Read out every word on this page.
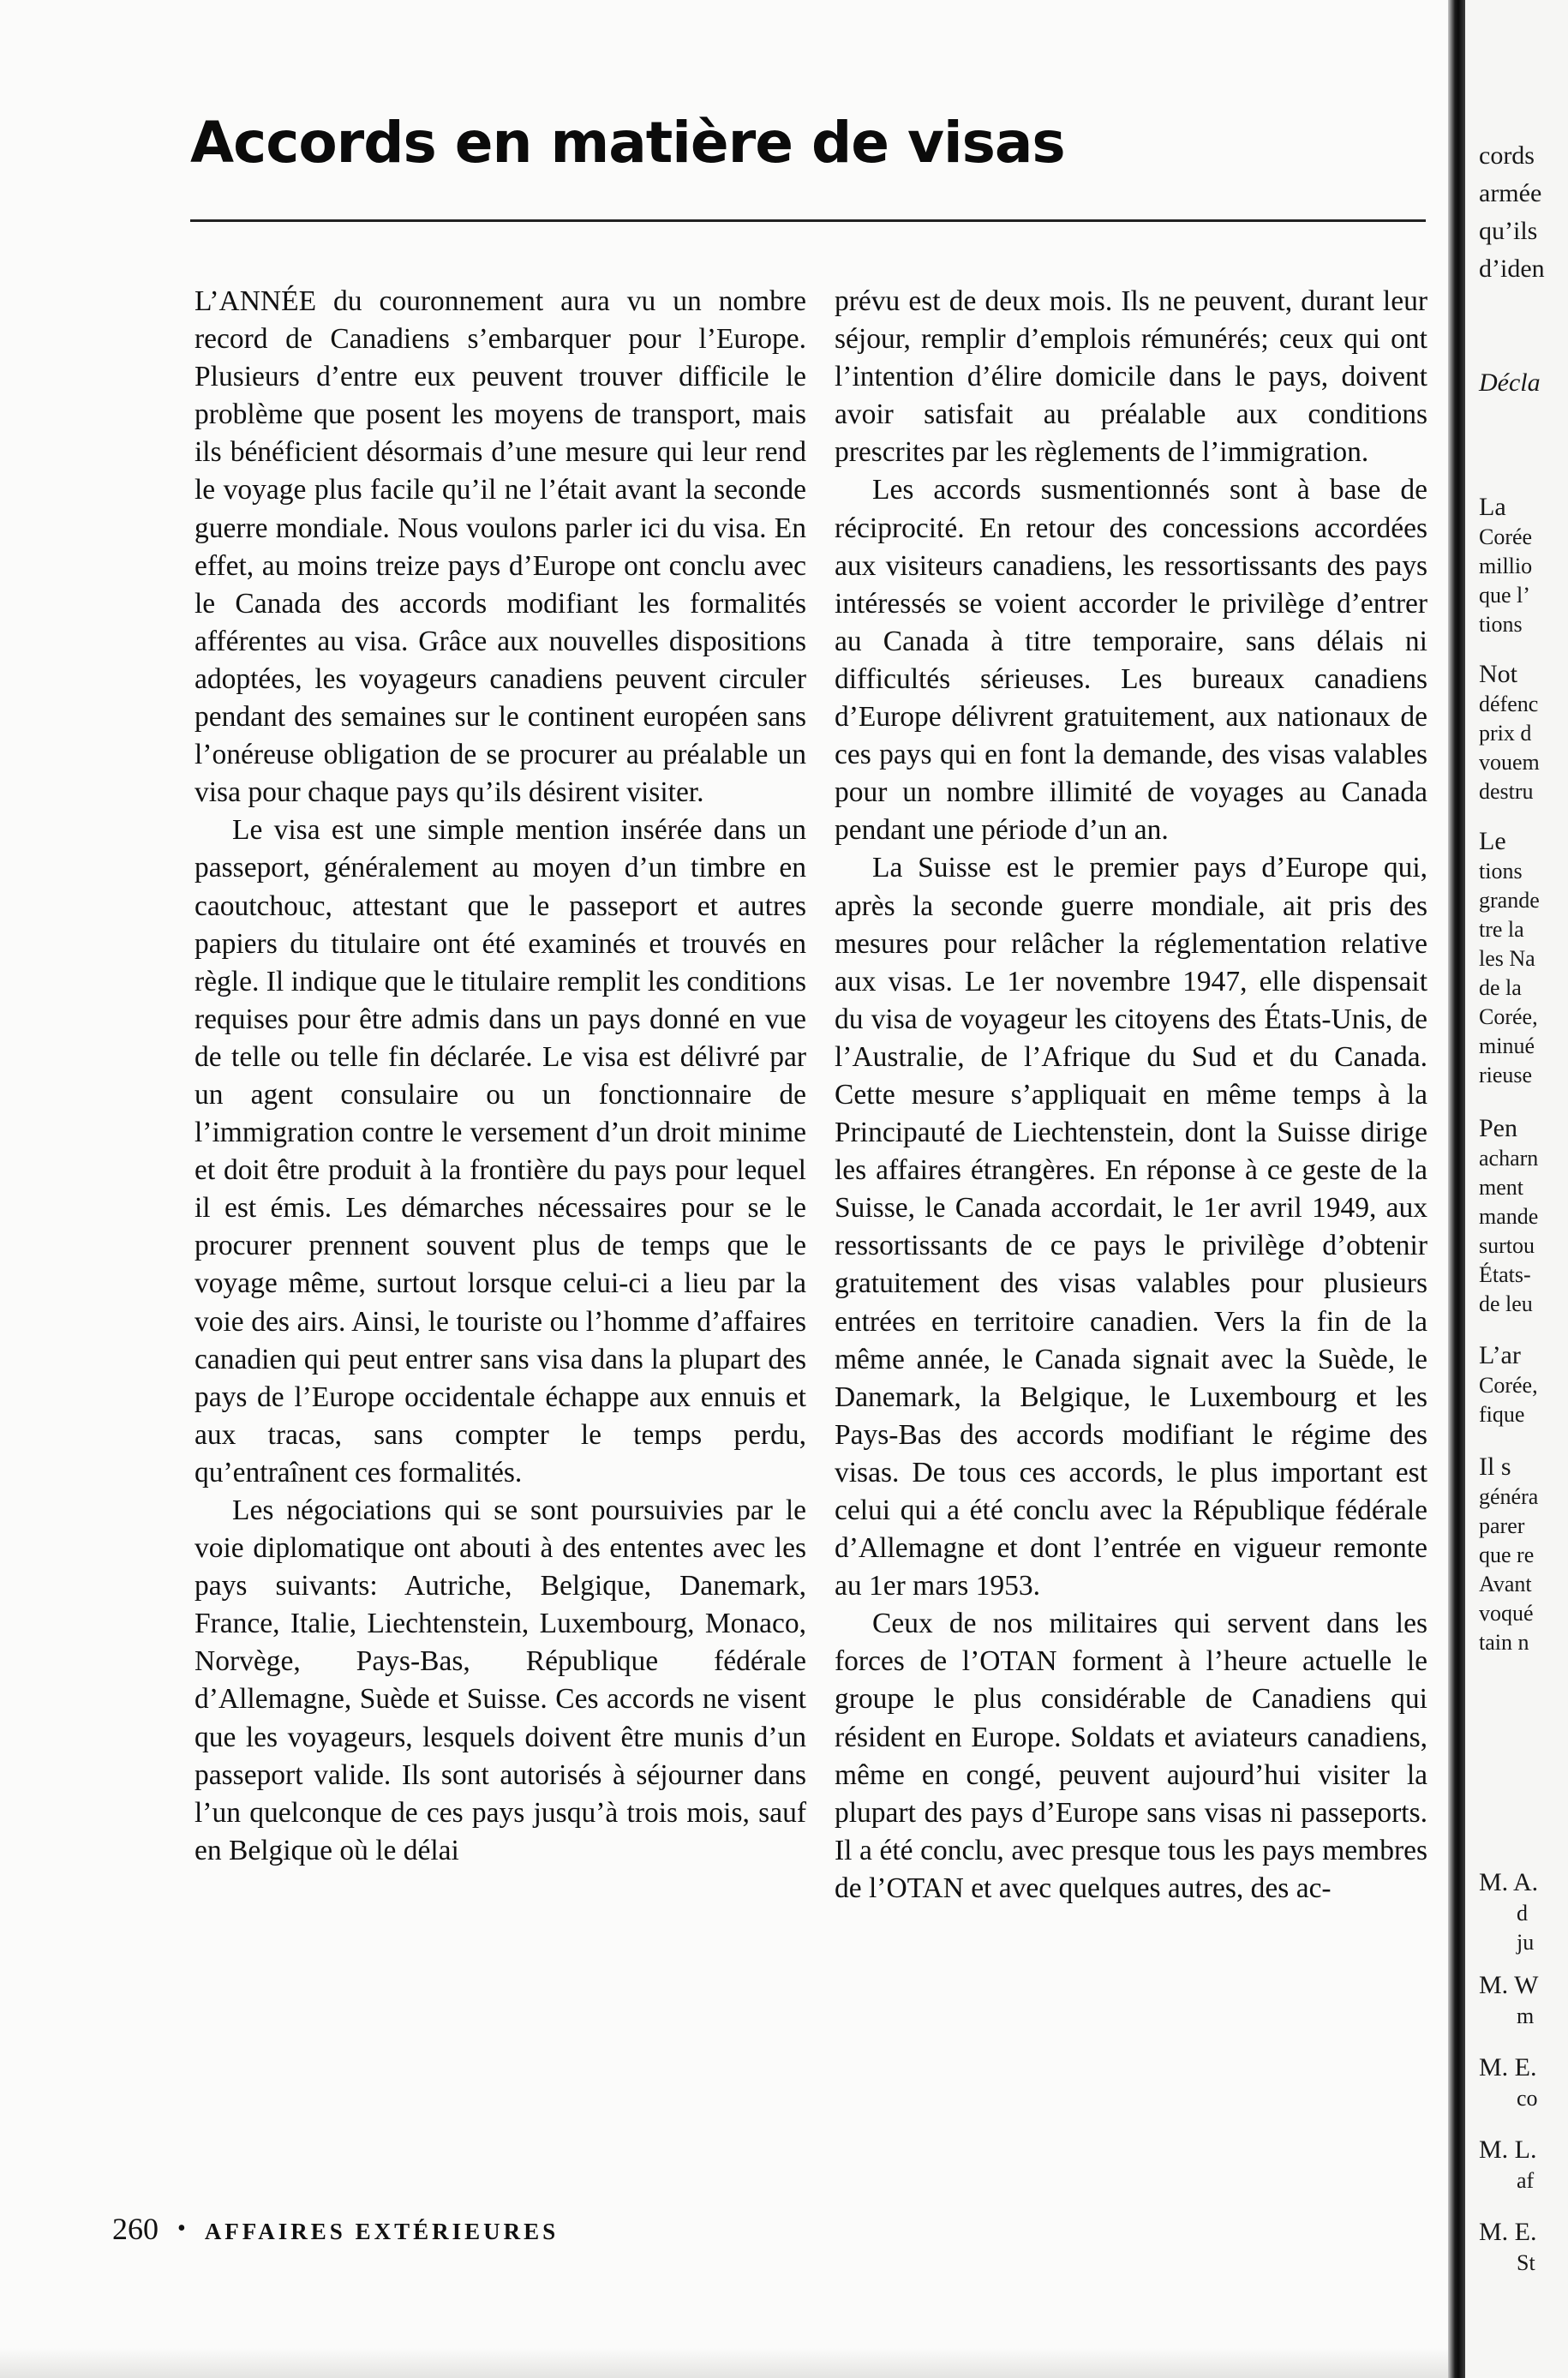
Accords en matière de visas

L’ANNÉE du couronnement aura vu un nombre record de Canadiens s’embarquer pour l’Europe. Plusieurs d’entre eux peuvent trouver difficile le problème que posent les moyens de transport, mais ils bénéficient désormais d’une mesure qui leur rend le voyage plus facile qu’il ne l’était avant la seconde guerre mondiale. Nous voulons parler ici du visa. En effet, au moins treize pays d’Europe ont conclu avec le Canada des accords modifiant les formalités afférentes au visa. Grâce aux nouvelles dispositions adoptées, les voyageurs canadiens peuvent circuler pendant des semaines sur le continent européen sans l’onéreuse obligation de se procurer au préalable un visa pour chaque pays qu’ils désirent visiter.

Le visa est une simple mention insérée dans un passeport, généralement au moyen d’un timbre en caoutchouc, attestant que le passeport et autres papiers du titulaire ont été examinés et trouvés en règle. Il indique que le titulaire remplit les conditions requises pour être admis dans un pays donné en vue de telle ou telle fin déclarée. Le visa est délivré par un agent consulaire ou un fonctionnaire de l’immigration contre le versement d’un droit minime et doit être produit à la frontière du pays pour lequel il est émis. Les démarches nécessaires pour se le procurer prennent souvent plus de temps que le voyage même, surtout lorsque celui-ci a lieu par la voie des airs. Ainsi, le touriste ou l’homme d’affaires canadien qui peut entrer sans visa dans la plupart des pays de l’Europe occidentale échappe aux ennuis et aux tracas, sans compter le temps perdu, qu’entraînent ces formalités.

Les négociations qui se sont poursuivies par le voie diplomatique ont abouti à des ententes avec les pays suivants: Autriche, Belgique, Danemark, France, Italie, Liechtenstein, Luxembourg, Monaco, Norvège, Pays-Bas, République fédérale d’Allemagne, Suède et Suisse. Ces accords ne visent que les voyageurs, lesquels doivent être munis d’un passeport valide. Ils sont autorisés à séjourner dans l’un quelconque de ces pays jusqu’à trois mois, sauf en Belgique où le délai

prévu est de deux mois. Ils ne peuvent, durant leur séjour, remplir d’emplois rémunérés; ceux qui ont l’intention d’élire domicile dans le pays, doivent avoir satisfait au préalable aux conditions prescrites par les règlements de l’immigration.

Les accords susmentionnés sont à base de réciprocité. En retour des concessions accordées aux visiteurs canadiens, les ressortissants des pays intéressés se voient accorder le privilège d’entrer au Canada à titre temporaire, sans délais ni difficultés sérieuses. Les bureaux canadiens d’Europe délivrent gratuitement, aux nationaux de ces pays qui en font la demande, des visas valables pour un nombre illimité de voyages au Canada pendant une période d’un an.

La Suisse est le premier pays d’Europe qui, après la seconde guerre mondiale, ait pris des mesures pour relâcher la réglementation relative aux visas. Le 1er novembre 1947, elle dispensait du visa de voyageur les citoyens des États-Unis, de l’Australie, de l’Afrique du Sud et du Canada. Cette mesure s’appliquait en même temps à la Principauté de Liechtenstein, dont la Suisse dirige les affaires étrangères. En réponse à ce geste de la Suisse, le Canada accordait, le 1er avril 1949, aux ressortissants de ce pays le privilège d’obtenir gratuitement des visas valables pour plusieurs entrées en territoire canadien. Vers la fin de la même année, le Canada signait avec la Suède, le Danemark, la Belgique, le Luxembourg et les Pays-Bas des accords modifiant le régime des visas. De tous ces accords, le plus important est celui qui a été conclu avec la République fédérale d’Allemagne et dont l’entrée en vigueur remonte au 1er mars 1953.

Ceux de nos militaires qui servent dans les forces de l’OTAN forment à l’heure actuelle le groupe le plus considérable de Canadiens qui résident en Europe. Soldats et aviateurs canadiens, même en congé, peuvent aujourd’hui visiter la plupart des pays d’Europe sans visas ni passeports. Il a été conclu, avec presque tous les pays membres de l’OTAN et avec quelques autres, des ac-

260 • AFFAIRES EXTÉRIEURES
cords
armée
qu’ils
d’iden
Décla
La
Corée
millio
que l’
tions
Not
défenc
prix d
vouem
destru
Le
tions
grande
tre la
les Na
de la
Corée,
minué
rieuse
Pen
acharn
ment
mande
surtou
États-
de leu
L’ar
Corée,
fique
Il s
généra
parer
que re
Avant
voqué
tain n
M. A.
d
ju
M. W
m
M. E.
co
M. L.
af
M. E.
St
